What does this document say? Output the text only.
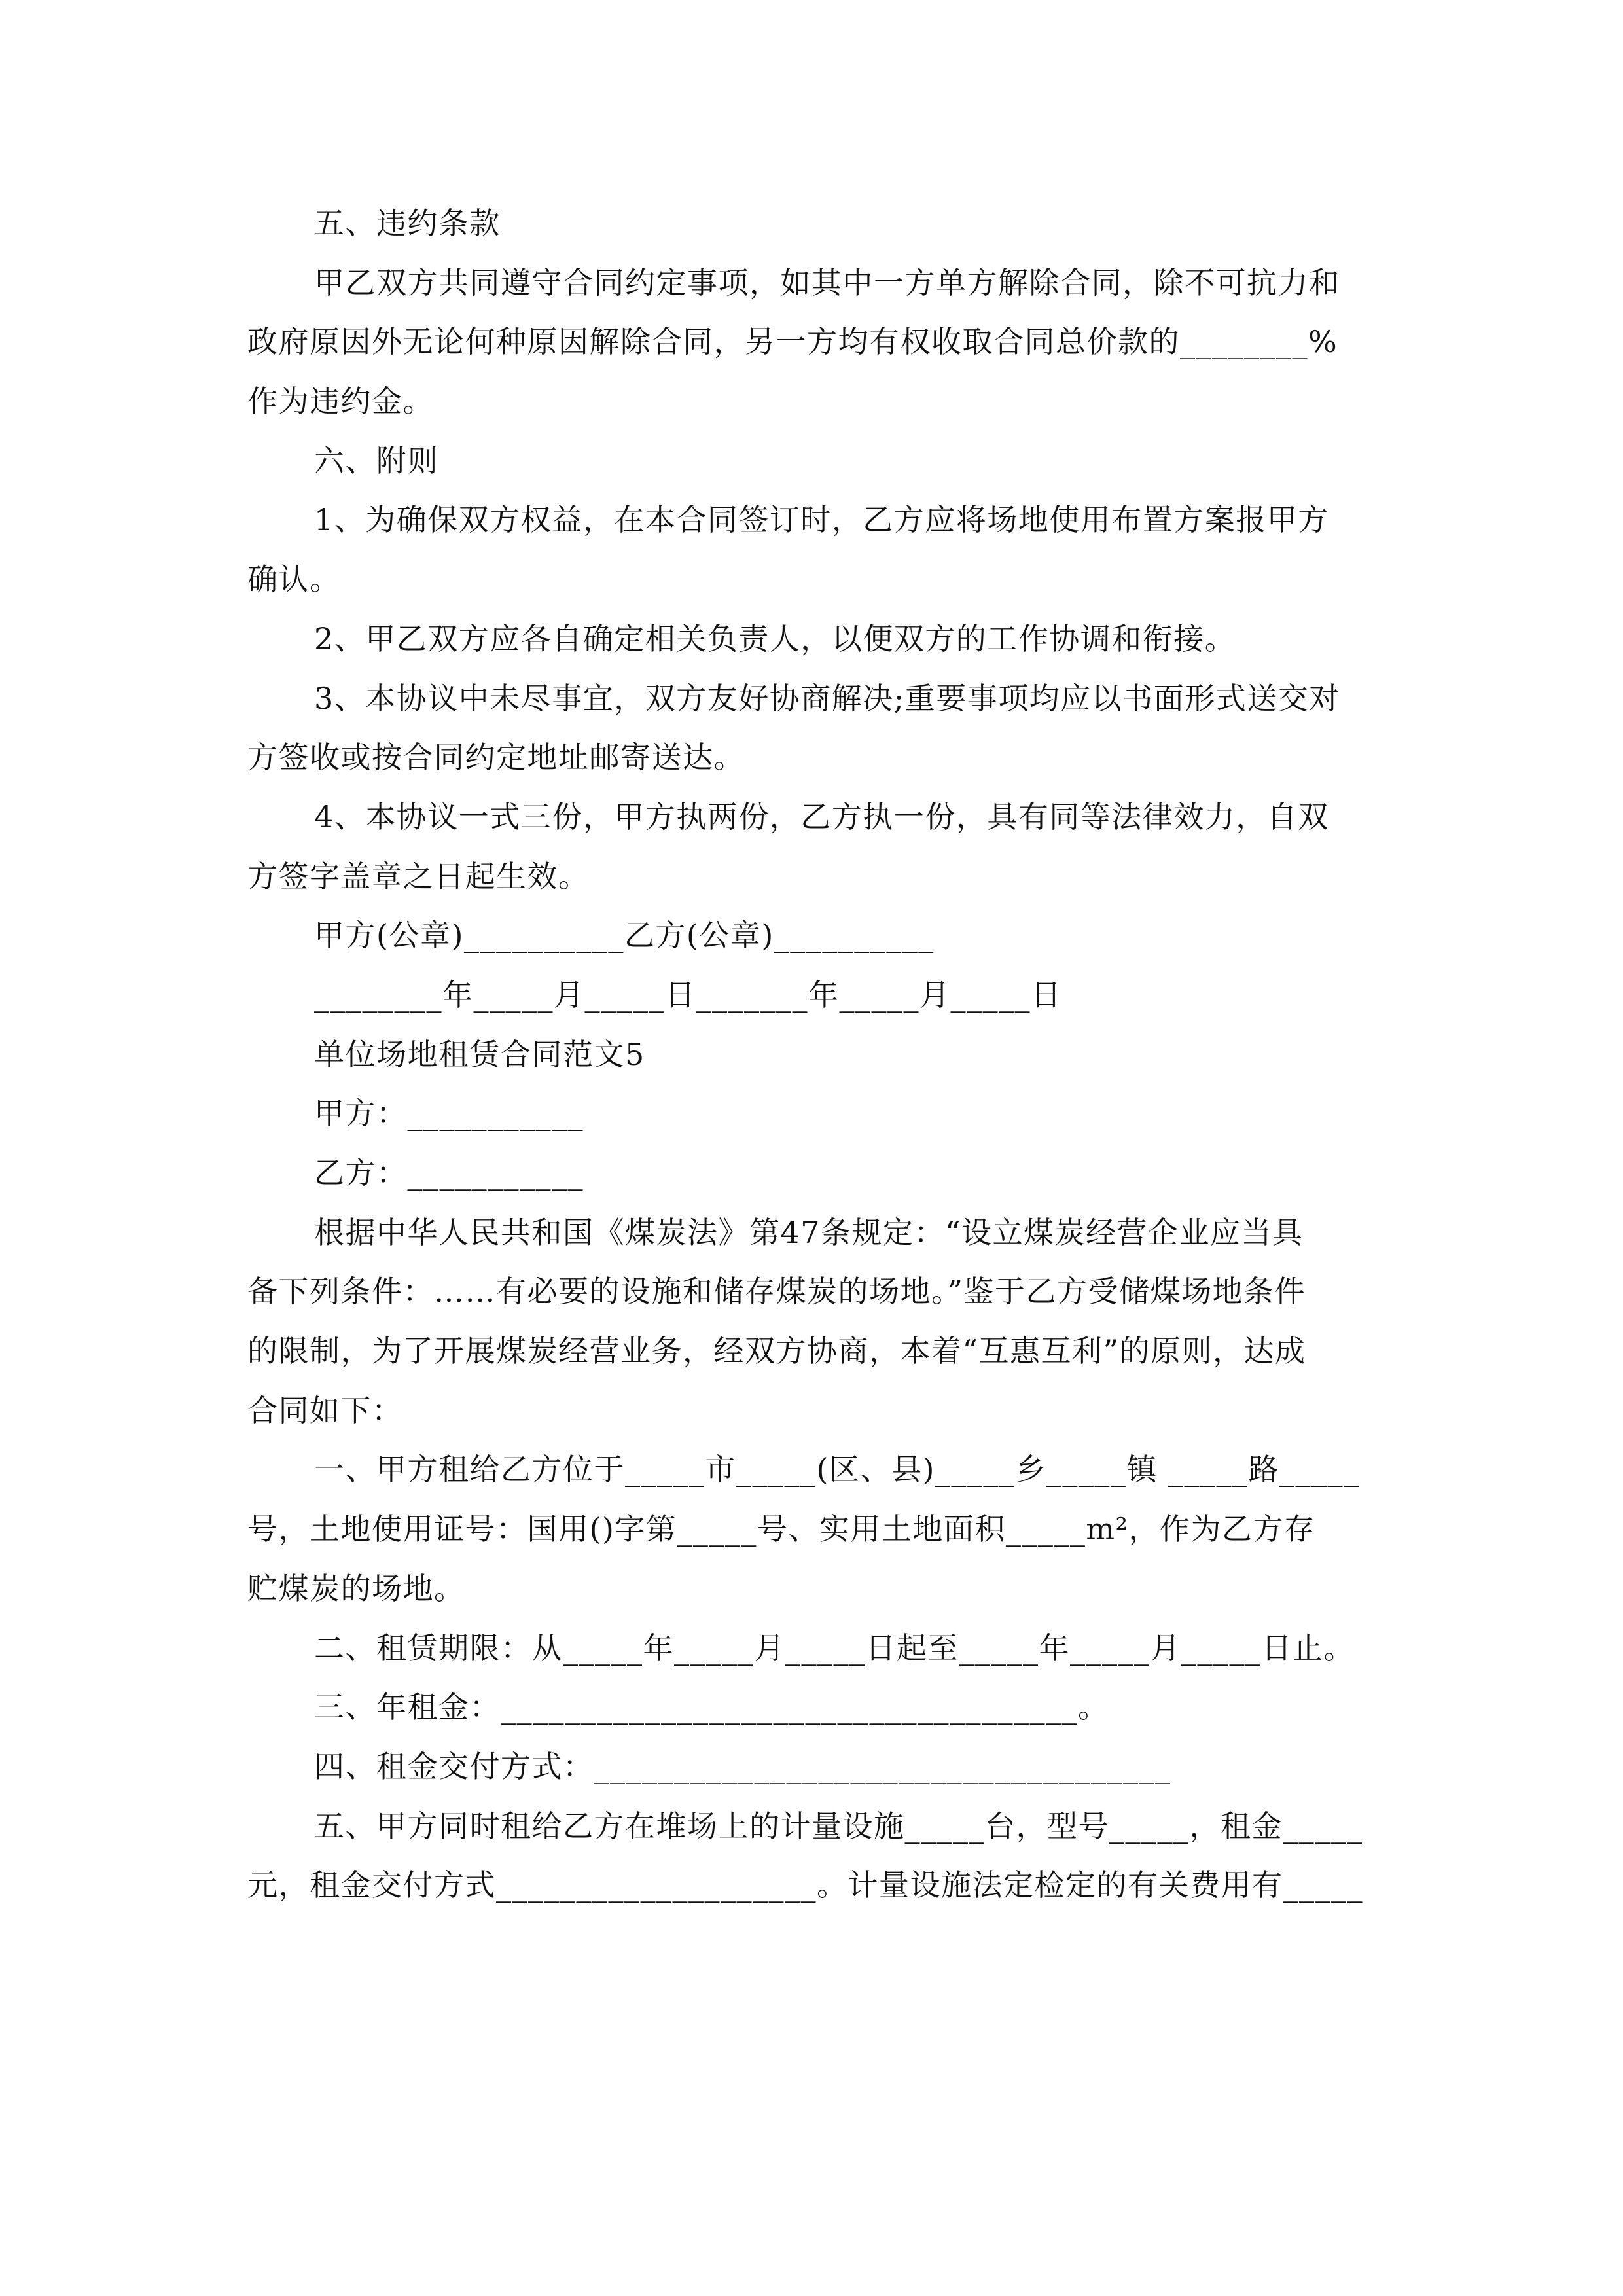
五、违约条款
甲乙双方共同遵守合同约定事项，如其中一方单方解除合同，除不可抗力和
政府原因外无论何种原因解除合同，另一方均有权收取合同总价款的________%
作为违约金。
六、附则
1、为确保双方权益，在本合同签订时，乙方应将场地使用布置方案报甲方
确认。
2、甲乙双方应各自确定相关负责人，以便双方的工作协调和衔接。
3、本协议中未尽事宜，双方友好协商解决;重要事项均应以书面形式送交对
方签收或按合同约定地址邮寄送达。
4、本协议一式三份，甲方执两份，乙方执一份，具有同等法律效力，自双
方签字盖章之日起生效。
甲方(公章)__________乙方(公章)__________
________年_____月_____日_______年_____月_____日
单位场地租赁合同范文5
甲方：___________
乙方：___________
根据中华人民共和国《煤炭法》第47条规定：“设立煤炭经营企业应当具
备下列条件：……有必要的设施和储存煤炭的场地。”鉴于乙方受储煤场地条件
的限制，为了开展煤炭经营业务，经双方协商，本着“互惠互利”的原则，达成
合同如下：
一、甲方租给乙方位于_____市_____(区、县)_____乡_____镇 _____路_____
号，土地使用证号：国用()字第_____号、实用土地面积_____m²，作为乙方存
贮煤炭的场地。
二、租赁期限：从_____年_____月_____日起至_____年_____月_____日止。
三、年租金：____________________________________。
四、租金交付方式：____________________________________
五、甲方同时租给乙方在堆场上的计量设施_____台，型号_____，租金_____
元，租金交付方式____________________。计量设施法定检定的有关费用有_____
